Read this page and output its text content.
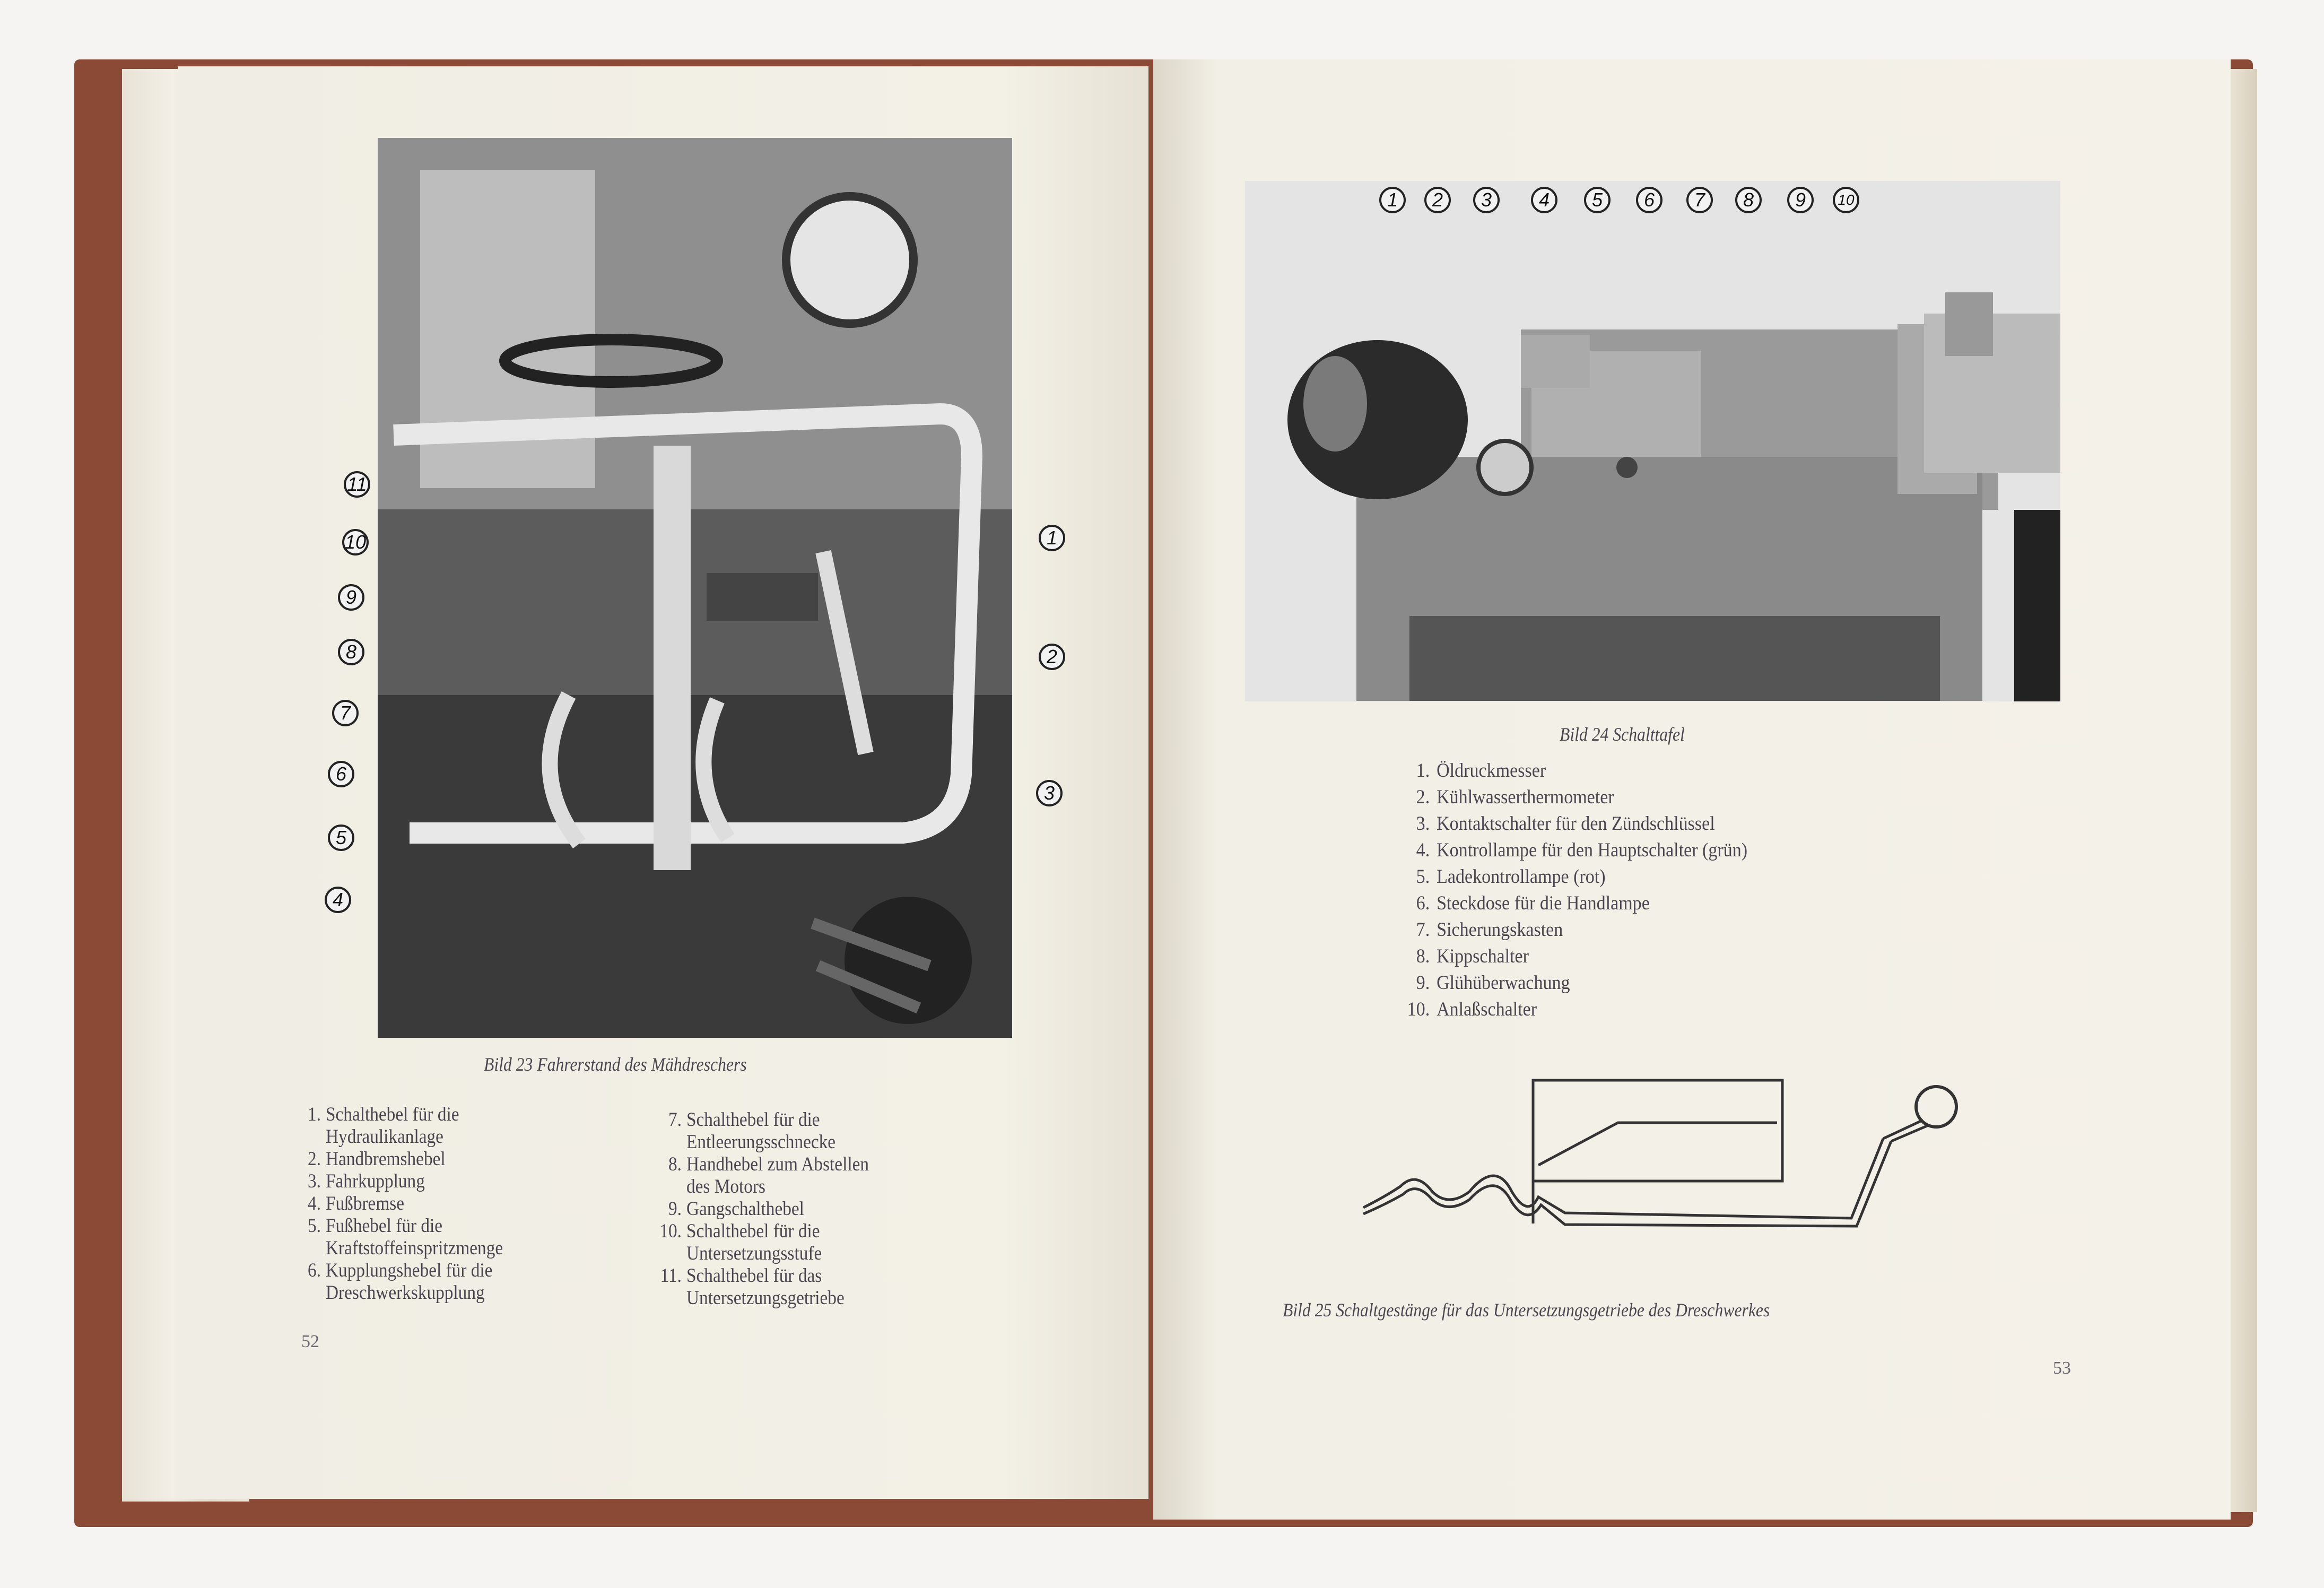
1
2
3
4
5
6
7
8
9
10
11
Bild 23 Fahrerstand des Mähdreschers
1. Schalthebel für die
Hydraulikanlage
2. Handbremshebel
3. Fahrkupplung
4. Fußbremse
5. Fußhebel für die
Kraftstoffeinspritzmenge
6. Kupplungshebel für die
Dreschwerkskupplung
7. Schalthebel für die
Entleerungsschnecke
8. Handhebel zum Abstellen
des Motors
9. Gangschalthebel
10. Schalthebel für die
Untersetzungsstufe
11. Schalthebel für das
Untersetzungsgetriebe
52
1	2	3	4	5	6	7	8	9	10
Bild 24 Schalttafel
1. Öldruckmesser
2. Kühlwasserthermometer
3. Kontaktschalter für den Zündschlüssel
4. Kontrollampe für den Hauptschalter (grün)
5. Ladekontrollampe (rot)
6. Steckdose für die Handlampe
7. Sicherungskasten
8. Kippschalter
9. Glühüberwachung
10. Anlaßschalter
Bild 25 Schaltgestänge für das Untersetzungsgetriebe des Dreschwerkes
53
